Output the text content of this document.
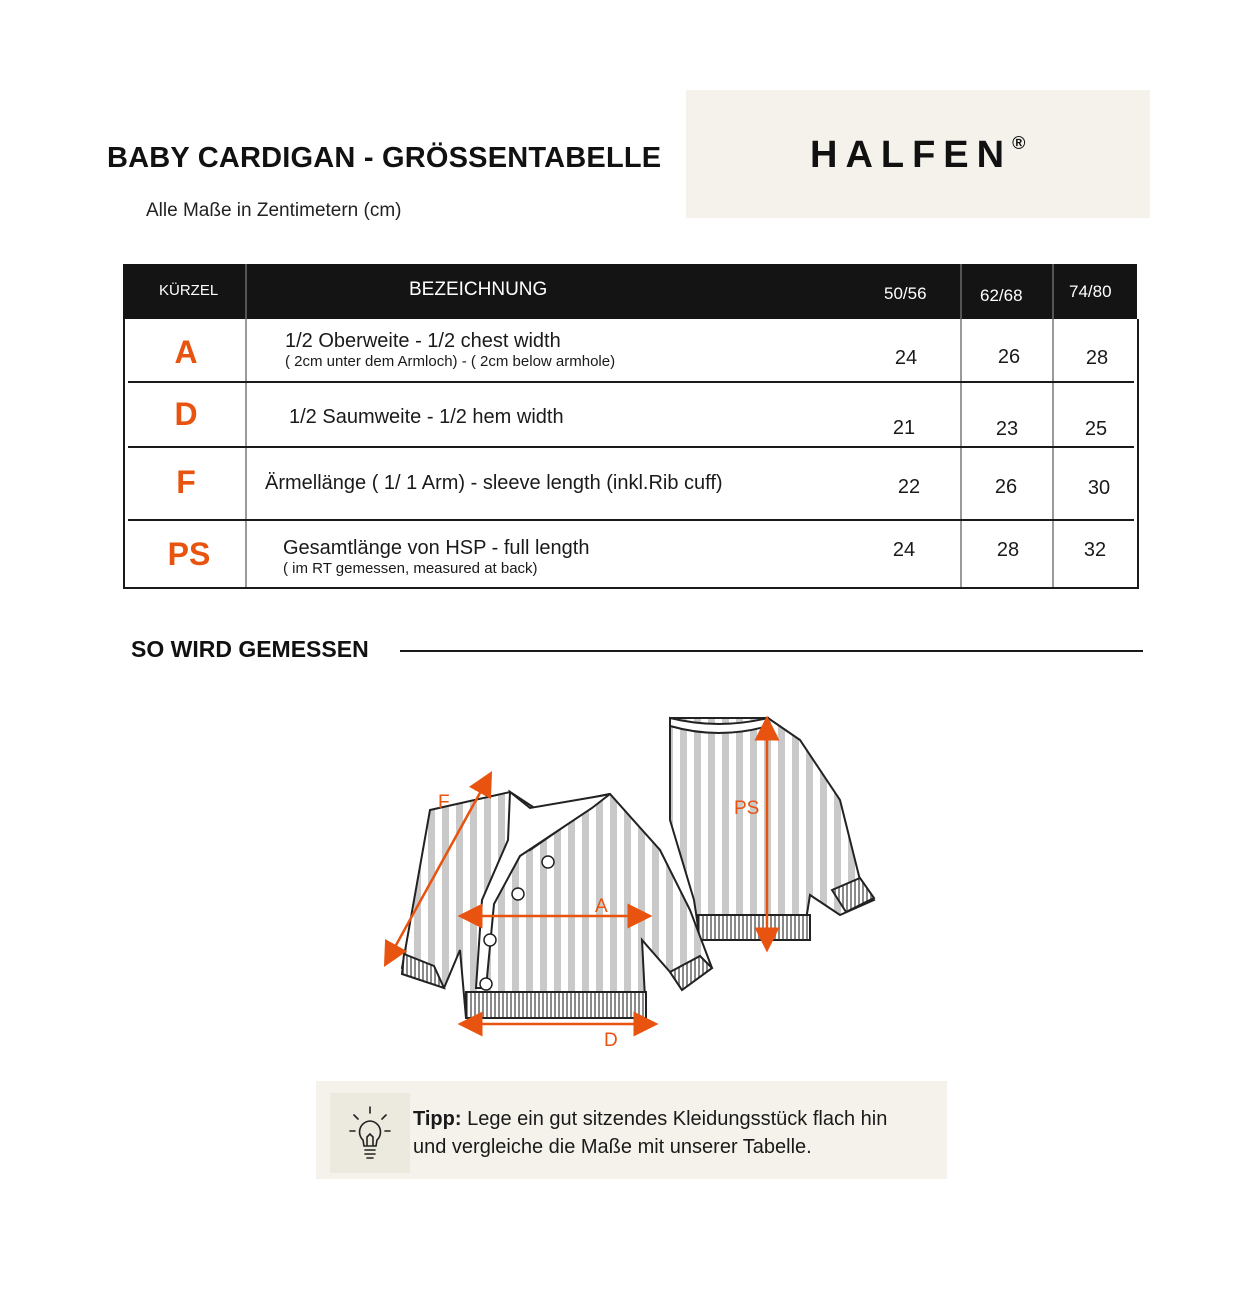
BABY CARDIGAN - GRÖSSENTABELLE
Alle Maße in Zentimetern (cm)
HALFEN®
KÜRZEL	BEZEICHNUNG	50/56	62/68	74/80
A	1/2 Oberweite - 1/2 chest width
( 2cm unter dem Armloch) - ( 2cm below armhole)	24	26	28
D	1/2 Saumweite - 1/2 hem width	21	23	25
F	Ärmellänge ( 1/ 1 Arm) - sleeve length (inkl.Rib cuff)	22	26	30
PS	Gesamtlänge von HSP - full length
( im RT gemessen, measured at back)
24	28	32
SO WIRD GEMESSEN
F
A
D
PS
Tipp: Lege ein gut sitzendes Kleidungsstück flach hin
und vergleiche die Maße mit unserer Tabelle.
